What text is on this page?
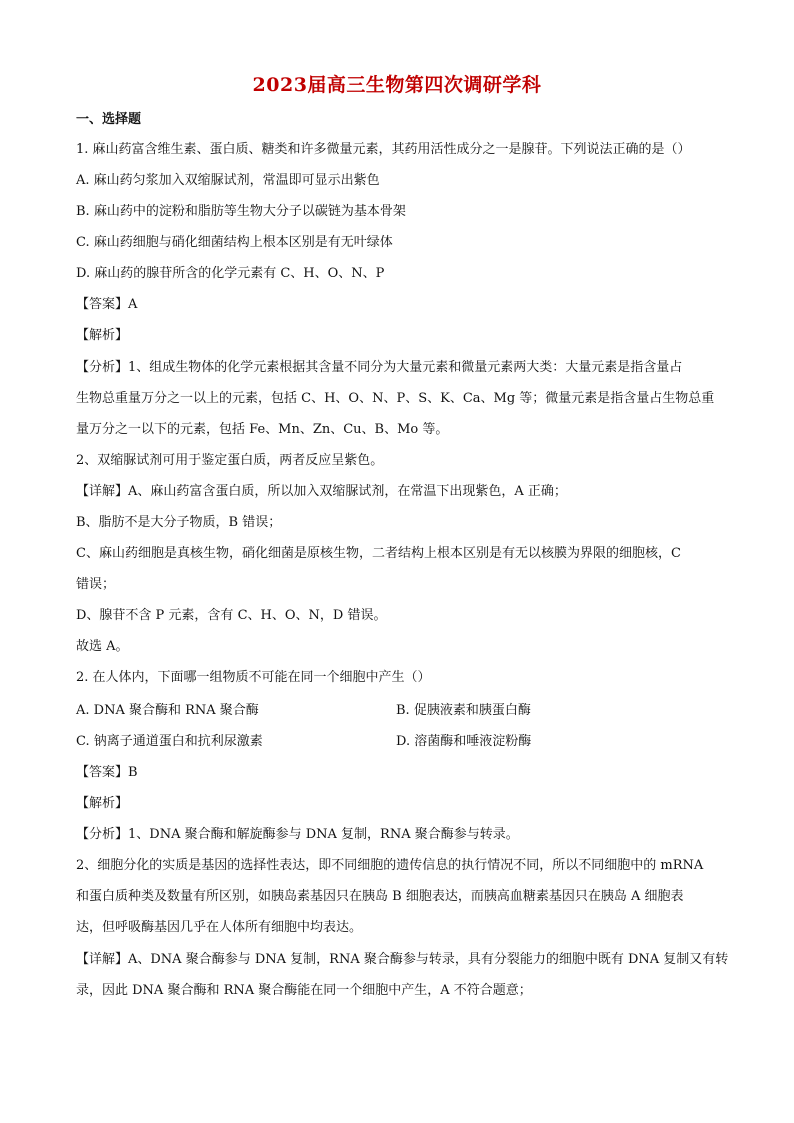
2023届高三生物第四次调研学科
一、选择题
1. 麻山药富含维生素、蛋白质、糖类和许多微量元素，其药用活性成分之一是腺苷。下列说法正确的是（）
A. 麻山药匀浆加入双缩脲试剂，常温即可显示出紫色
B. 麻山药中的淀粉和脂肪等生物大分子以碳链为基本骨架
C. 麻山药细胞与硝化细菌结构上根本区别是有无叶绿体
D. 麻山药的腺苷所含的化学元素有 C、H、O、N、P
【答案】A
【解析】
【分析】1、组成生物体的化学元素根据其含量不同分为大量元素和微量元素两大类：大量元素是指含量占
生物总重量万分之一以上的元素，包括 C、H、O、N、P、S、K、Ca、Mg 等；微量元素是指含量占生物总重
量万分之一以下的元素，包括 Fe、Mn、Zn、Cu、B、Mo 等。
2、双缩脲试剂可用于鉴定蛋白质，两者反应呈紫色。
【详解】A、麻山药富含蛋白质，所以加入双缩脲试剂，在常温下出现紫色，A 正确；
B、脂肪不是大分子物质，B 错误；
C、麻山药细胞是真核生物，硝化细菌是原核生物，二者结构上根本区别是有无以核膜为界限的细胞核，C
错误；
D、腺苷不含 P 元素，含有 C、H、O、N，D 错误。
故选 A。
2. 在人体内，下面哪一组物质不可能在同一个细胞中产生（）
A. DNA 聚合酶和 RNA 聚合酶	B. 促胰液素和胰蛋白酶
C. 钠离子通道蛋白和抗利尿激素	D. 溶菌酶和唾液淀粉酶
【答案】B
【解析】
【分析】1、DNA 聚合酶和解旋酶参与 DNA 复制，RNA 聚合酶参与转录。
2、细胞分化的实质是基因的选择性表达，即不同细胞的遗传信息的执行情况不同，所以不同细胞中的 mRNA
和蛋白质种类及数量有所区别，如胰岛素基因只在胰岛 B 细胞表达，而胰高血糖素基因只在胰岛 A 细胞表
达，但呼吸酶基因几乎在人体所有细胞中均表达。
【详解】A、DNA 聚合酶参与 DNA 复制，RNA 聚合酶参与转录，具有分裂能力的细胞中既有 DNA 复制又有转
录，因此 DNA 聚合酶和 RNA 聚合酶能在同一个细胞中产生，A 不符合题意；
